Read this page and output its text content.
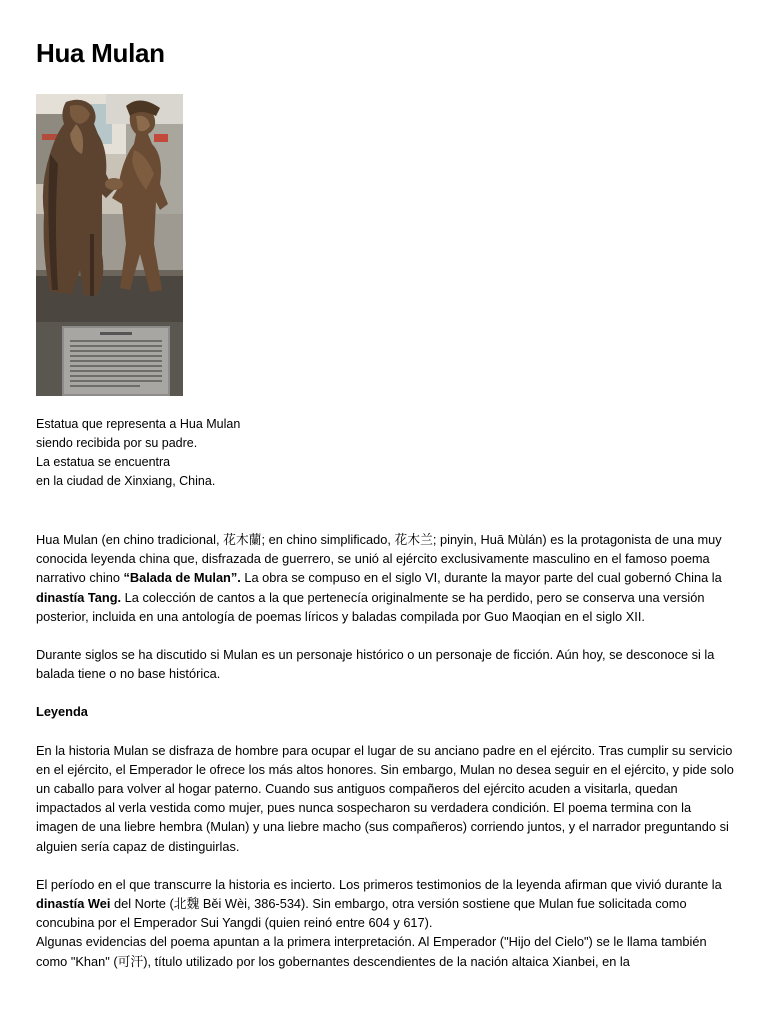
Hua Mulan
Estatua que representa a Hua Mulan
siendo recibida por su padre.
La estatua se encuentra
en la ciudad de Xinxiang, China.

Hua Mulan (en chino tradicional, 花木蘭; en chino simplificado, 花木兰; pinyin, Huā Mùlán) es la protagonista de una muy conocida leyenda china que, disfrazada de guerrero, se unió al ejército exclusivamente masculino en el famoso poema narrativo chino “Balada de Mulan”. La obra se compuso en el siglo VI, durante la mayor parte del cual gobernó China la dinastía Tang. La colección de cantos a la que pertenecía originalmente se ha perdido, pero se conserva una versión posterior, incluida en una antología de poemas líricos y baladas compilada por Guo Maoqian en el siglo XII.

Durante siglos se ha discutido si Mulan es un personaje histórico o un personaje de ficción. Aún hoy, se desconoce si la balada tiene o no base histórica.

Leyenda

En la historia Mulan se disfraza de hombre para ocupar el lugar de su anciano padre en el ejército. Tras cumplir su servicio en el ejército, el Emperador le ofrece los más altos honores. Sin embargo, Mulan no desea seguir en el ejército, y pide solo un caballo para volver al hogar paterno. Cuando sus antiguos compañeros del ejército acuden a visitarla, quedan impactados al verla vestida como mujer, pues nunca sospecharon su verdadera condición. El poema termina con la imagen de una liebre hembra (Mulan) y una liebre macho (sus compañeros) corriendo juntos, y el narrador preguntando si alguien sería capaz de distinguirlas.

El período en el que transcurre la historia es incierto. Los primeros testimonios de la leyenda afirman que vivió durante la dinastía Wei del Norte (北魏 Běi Wèi, 386-534). Sin embargo, otra versión sostiene que Mulan fue solicitada como concubina por el Emperador Sui Yangdi (quien reinó entre 604 y 617).

Algunas evidencias del poema apuntan a la primera interpretación. Al Emperador ("Hijo del Cielo") se le llama también como "Khan" (可汗), título utilizado por los gobernantes descendientes de la nación altaica Xianbei, en la
